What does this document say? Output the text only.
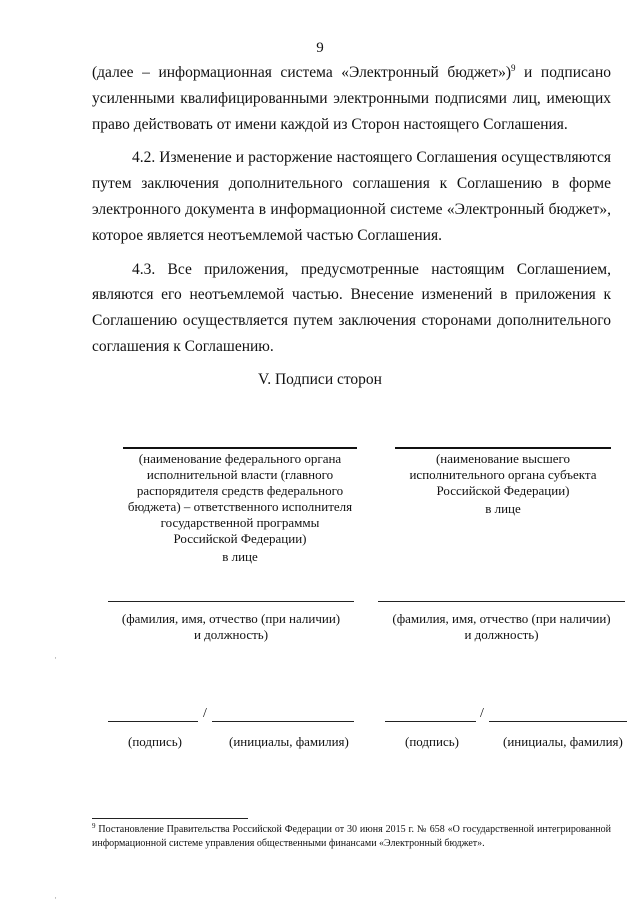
9

(далее – информационная система «Электронный бюджет»)$^9$ и подписано усиленными квалифицированными электронными подписями лиц, имеющих право действовать от имени каждой из Сторон настоящего Соглашения.

4.2. Изменение и расторжение настоящего Соглашения осуществляются путем заключения дополнительного соглашения к Соглашению в форме электронного документа в информационной системе «Электронный бюджет», которое является неотъемлемой частью Соглашения.

4.3. Все приложения, предусмотренные настоящим Соглашением, являются его неотъемлемой частью. Внесение изменений в приложения к Соглашению осуществляется путем заключения сторонами дополнительного соглашения к Соглашению.

V. Подписи сторон
(наименование федерального органа
исполнительной власти (главного
распорядителя средств федерального
бюджета) – ответственного исполнителя
государственной программы
Российской Федерации)
в лице
(фамилия, имя, отчество (при наличии)
и должность)
/
(подпись)	(инициалы, фамилия)
(наименование высшего
исполнительного органа субъекта
Российской Федерации)
в лице
(фамилия, имя, отчество (при наличии)
и должность)
/
(подпись)	(инициалы, фамилия)
$^9$ Постановление Правительства Российской Федерации от 30 июня 2015 г. № 658 «О государственной интегрированной информационной системе управления общественными финансами «Электронный бюджет».
·
·
